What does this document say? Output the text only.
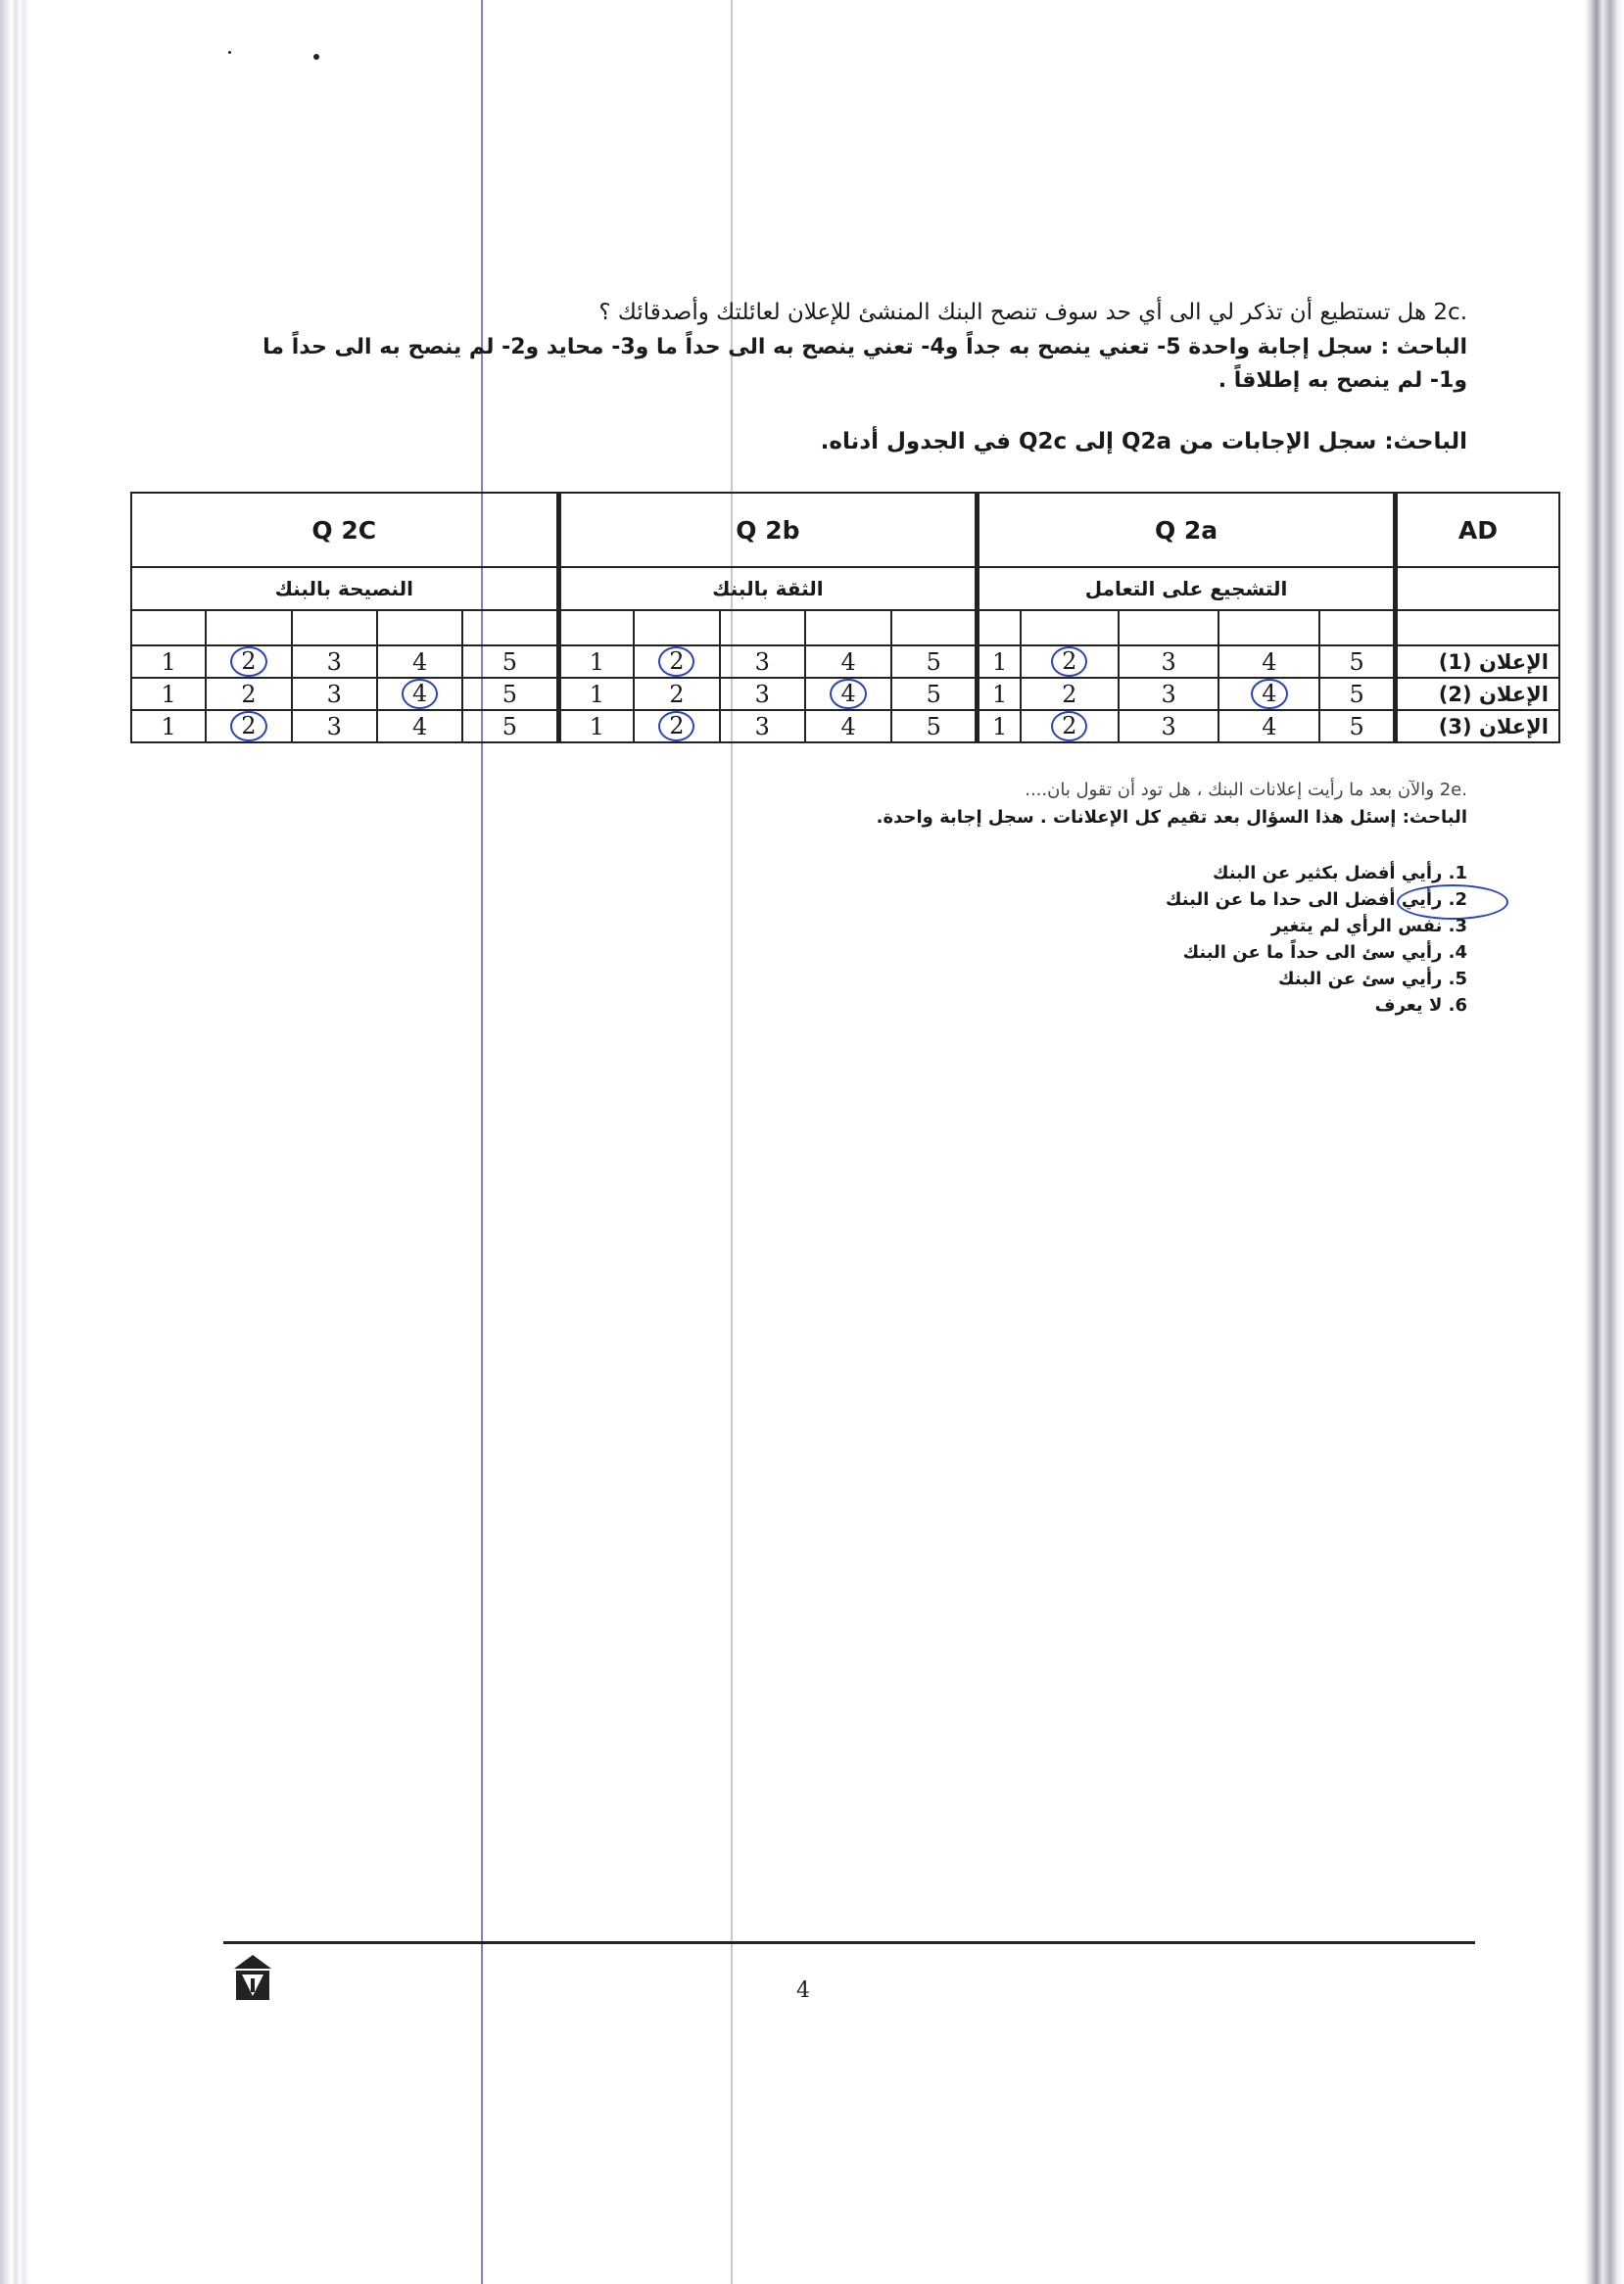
.2c هل تستطيع أن تذكر لي الى أي حد سوف تنصح البنك المنشئ للإعلان لعائلتك وأصدقائك ؟
الباحث : سجل إجابة واحدة 5- تعني ينصح به جداً و4- تعني ينصح به الى حداً ما و3- محايد و2- لم ينصح به الى حداً ما و1- لم ينصح به إطلاقاً .
الباحث: سجل الإجابات من Q2a إلى Q2c في الجدول أدناه.
AD	Q 2a					Q 2b					Q 2C				
	التشجيع على التعامل					الثقة بالبنك					النصيحة بالبنك				

الإعلان (1)	5	4	3	2	1	5	4	3	2	1	5	4	3	2	1
الإعلان (2)	5	4	3	2	1	5	4	3	2	1	5	4	3	2	1
الإعلان (3)	5	4	3	2	1	5	4	3	2	1	5	4	3	2	1
.2e والآن بعد ما رأيت إعلانات البنك ، هل تود أن تقول بان....
الباحث: إسئل هذا السؤال بعد تقيم كل الإعلانات . سجل إجابة واحدة.
1. رأيي أفضل بكثير عن البنك
2. رأيي أفضل الى حدا ما عن البنك
3. نفس الرأي لم يتغير
4. رأيي سئ الى حداً ما عن البنك
5. رأيي سئ عن البنك
6. لا يعرف
4
